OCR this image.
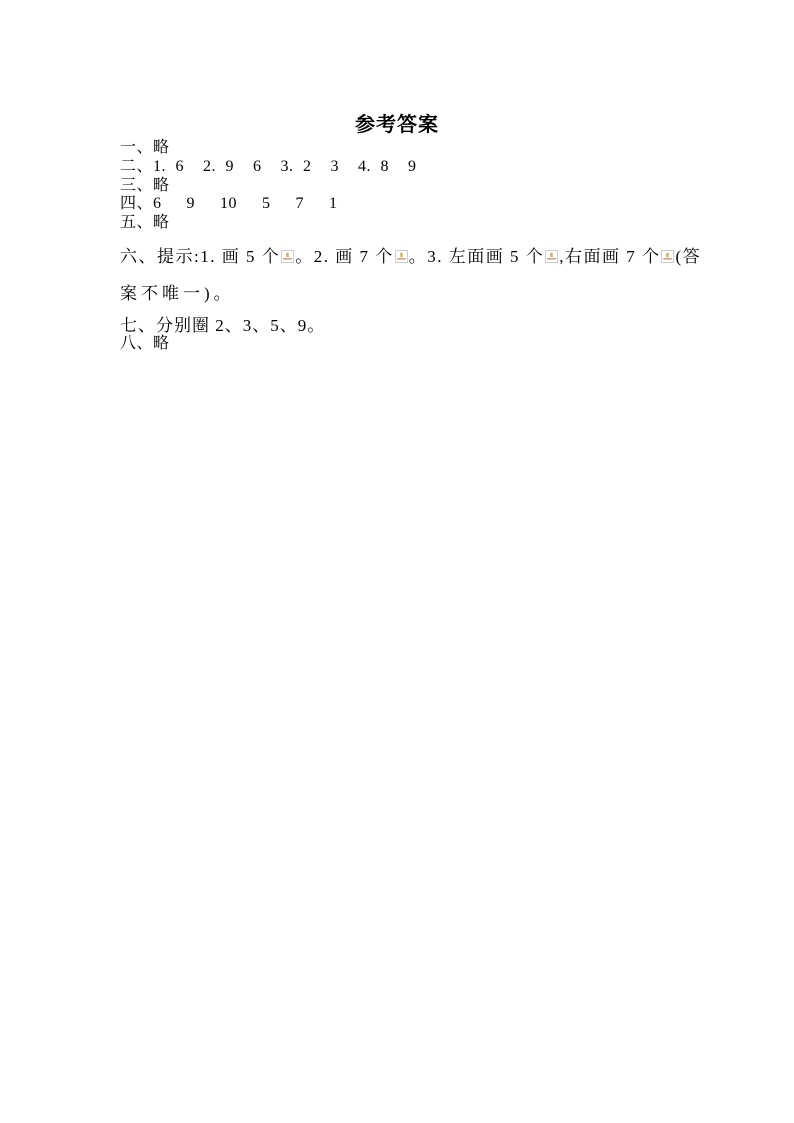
参考答案
一、略
二、1. 6  2. 9  6  3. 2  3  4. 8  9
三、略
四、6  9  10  5  7  1
五、略
六、提示:1. 画 5 个 。2. 画 7 个 。3. 左面画 5 个 ,右面画 7 个 (答
案不唯一)。
七、分别圈 2、3、5、9。
八、略
